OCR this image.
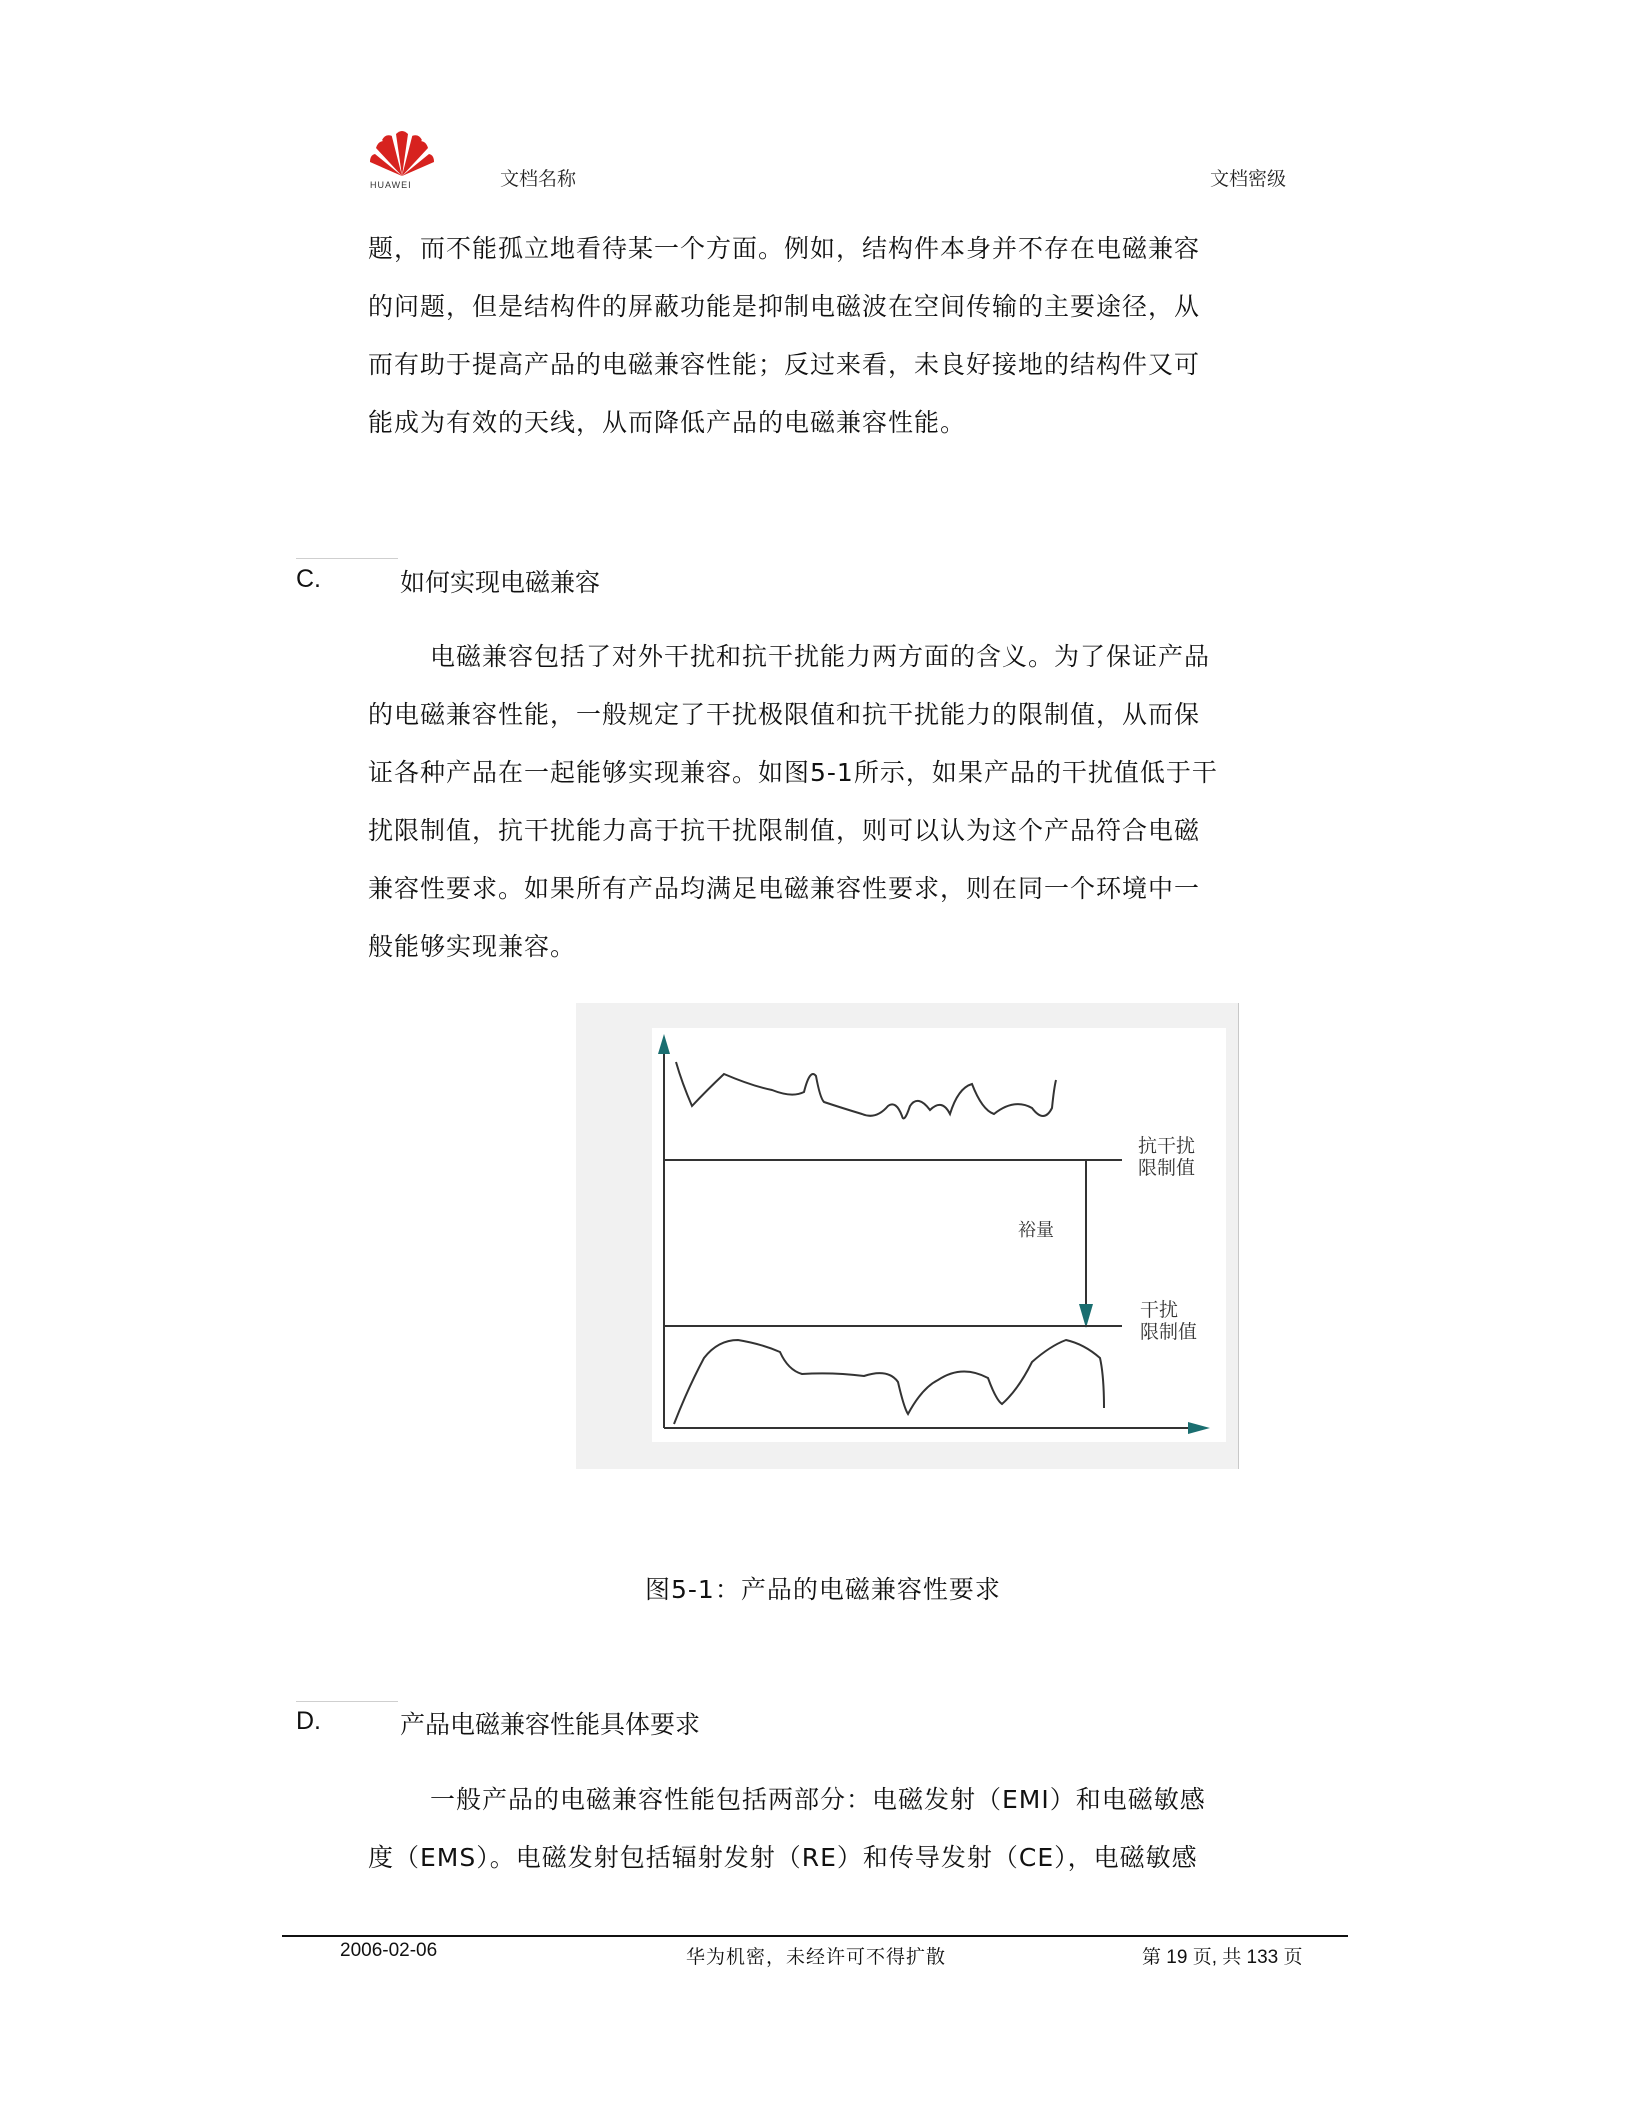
HUAWEI	文档名称	文档密级
题，而不能孤立地看待某一个方面。例如，结构件本身并不存在电磁兼容
的问题，但是结构件的屏蔽功能是抑制电磁波在空间传输的主要途径，从
而有助于提高产品的电磁兼容性能；反过来看，未良好接地的结构件又可
能成为有效的天线，从而降低产品的电磁兼容性能。
C.	如何实现电磁兼容
电磁兼容包括了对外干扰和抗干扰能力两方面的含义。为了保证产品
的电磁兼容性能，一般规定了干扰极限值和抗干扰能力的限制值，从而保
证各种产品在一起能够实现兼容。如图5-1所示，如果产品的干扰值低于干
扰限制值，抗干扰能力高于抗干扰限制值，则可以认为这个产品符合电磁
兼容性要求。如果所有产品均满足电磁兼容性要求，则在同一个环境中一
般能够实现兼容。
抗干扰
限制值
裕量
干扰
限制值
图5-1：产品的电磁兼容性要求
D.	产品电磁兼容性能具体要求
一般产品的电磁兼容性能包括两部分：电磁发射（EMI）和电磁敏感
度（EMS）。电磁发射包括辐射发射（RE）和传导发射（CE），电磁敏感
2006-02-06	华为机密，未经许可不得扩散	第 19 页, 共 133 页
